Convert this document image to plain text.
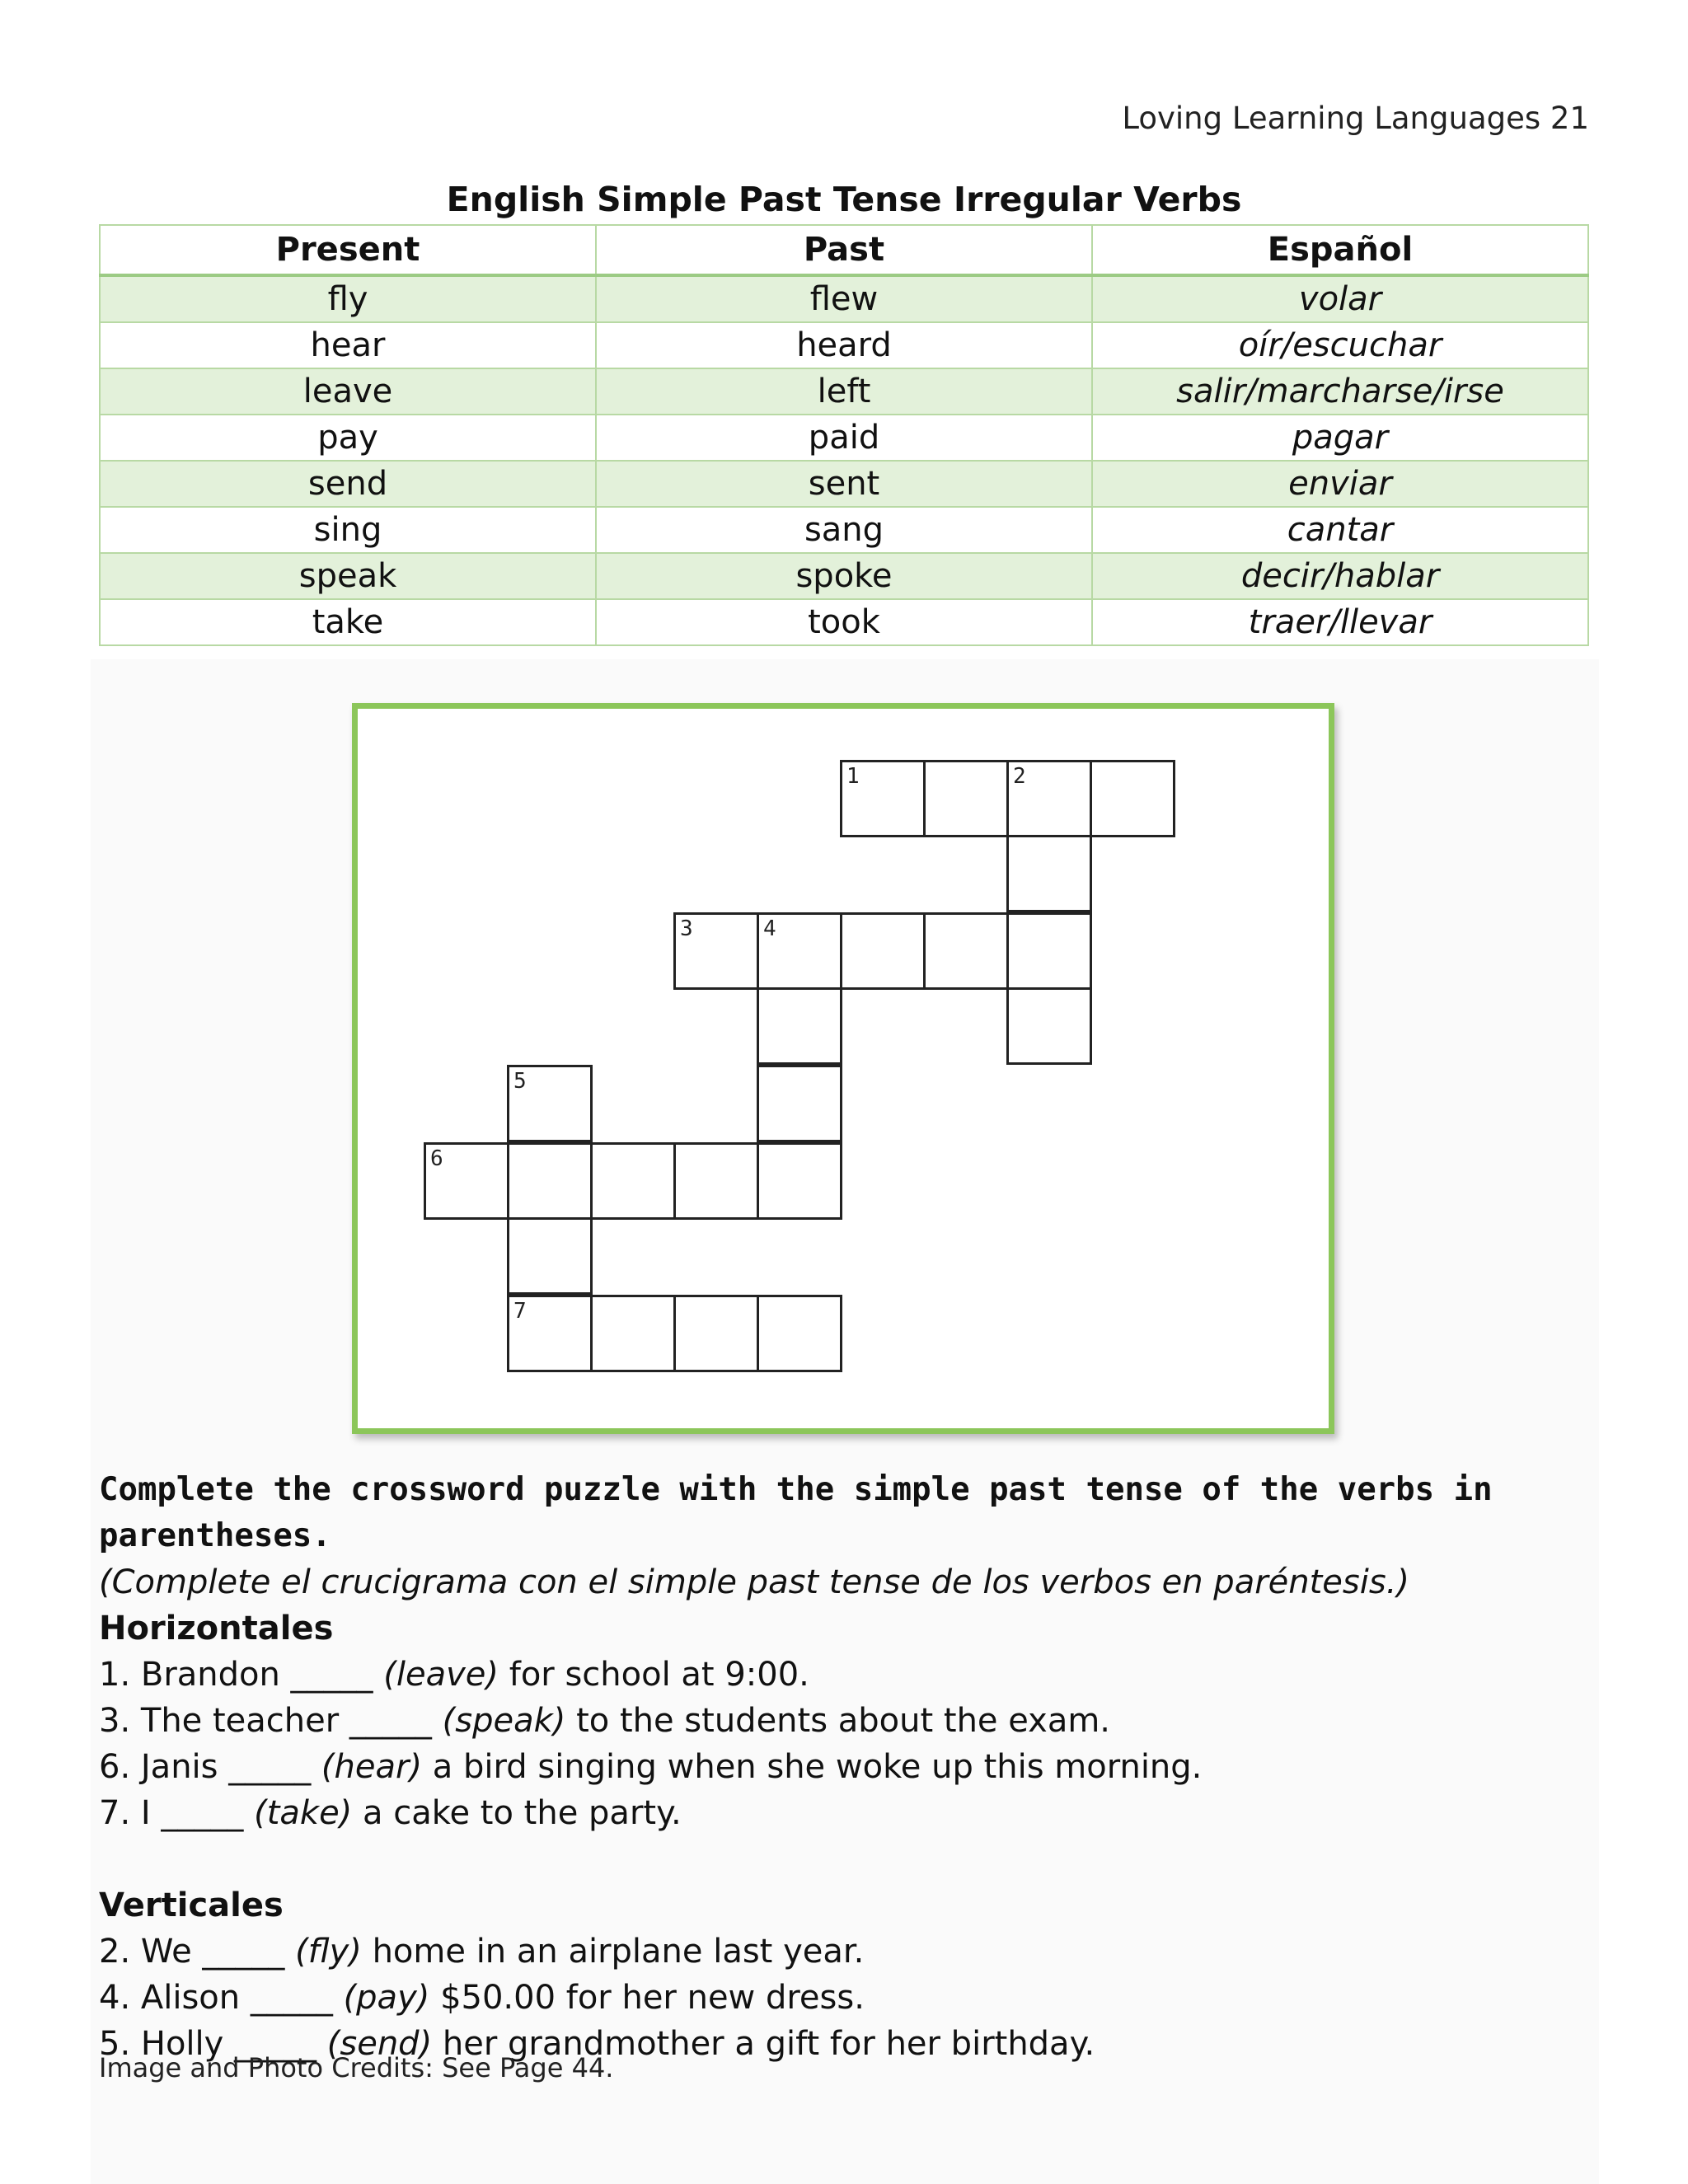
Loving Learning Languages 21
English Simple Past Tense Irregular Verbs
Present	Past	Español
fly	flew	volar
hear	heard	oír/escuchar
leave	left	salir/marcharse/irse
pay	paid	pagar
send	sent	enviar
sing	sang	cantar
speak	spoke	decir/hablar
take	took	traer/llevar
1	2
3	4
5
6
7
Complete the crossword puzzle with the simple past tense of the verbs in parentheses.
(Complete el crucigrama con el simple past tense de los verbos en paréntesis.)
Horizontales
1. Brandon _____ (leave) for school at 9:00.
3. The teacher _____ (speak) to the students about the exam.
6. Janis _____ (hear) a bird singing when she woke up this morning.
7. I _____ (take) a cake to the party.
Verticales
2. We _____ (fly) home in an airplane last year.
4. Alison _____ (pay) $50.00 for her new dress.
5. Holly _____ (send) her grandmother a gift for her birthday.
Image and Photo Credits: See Page 44.
